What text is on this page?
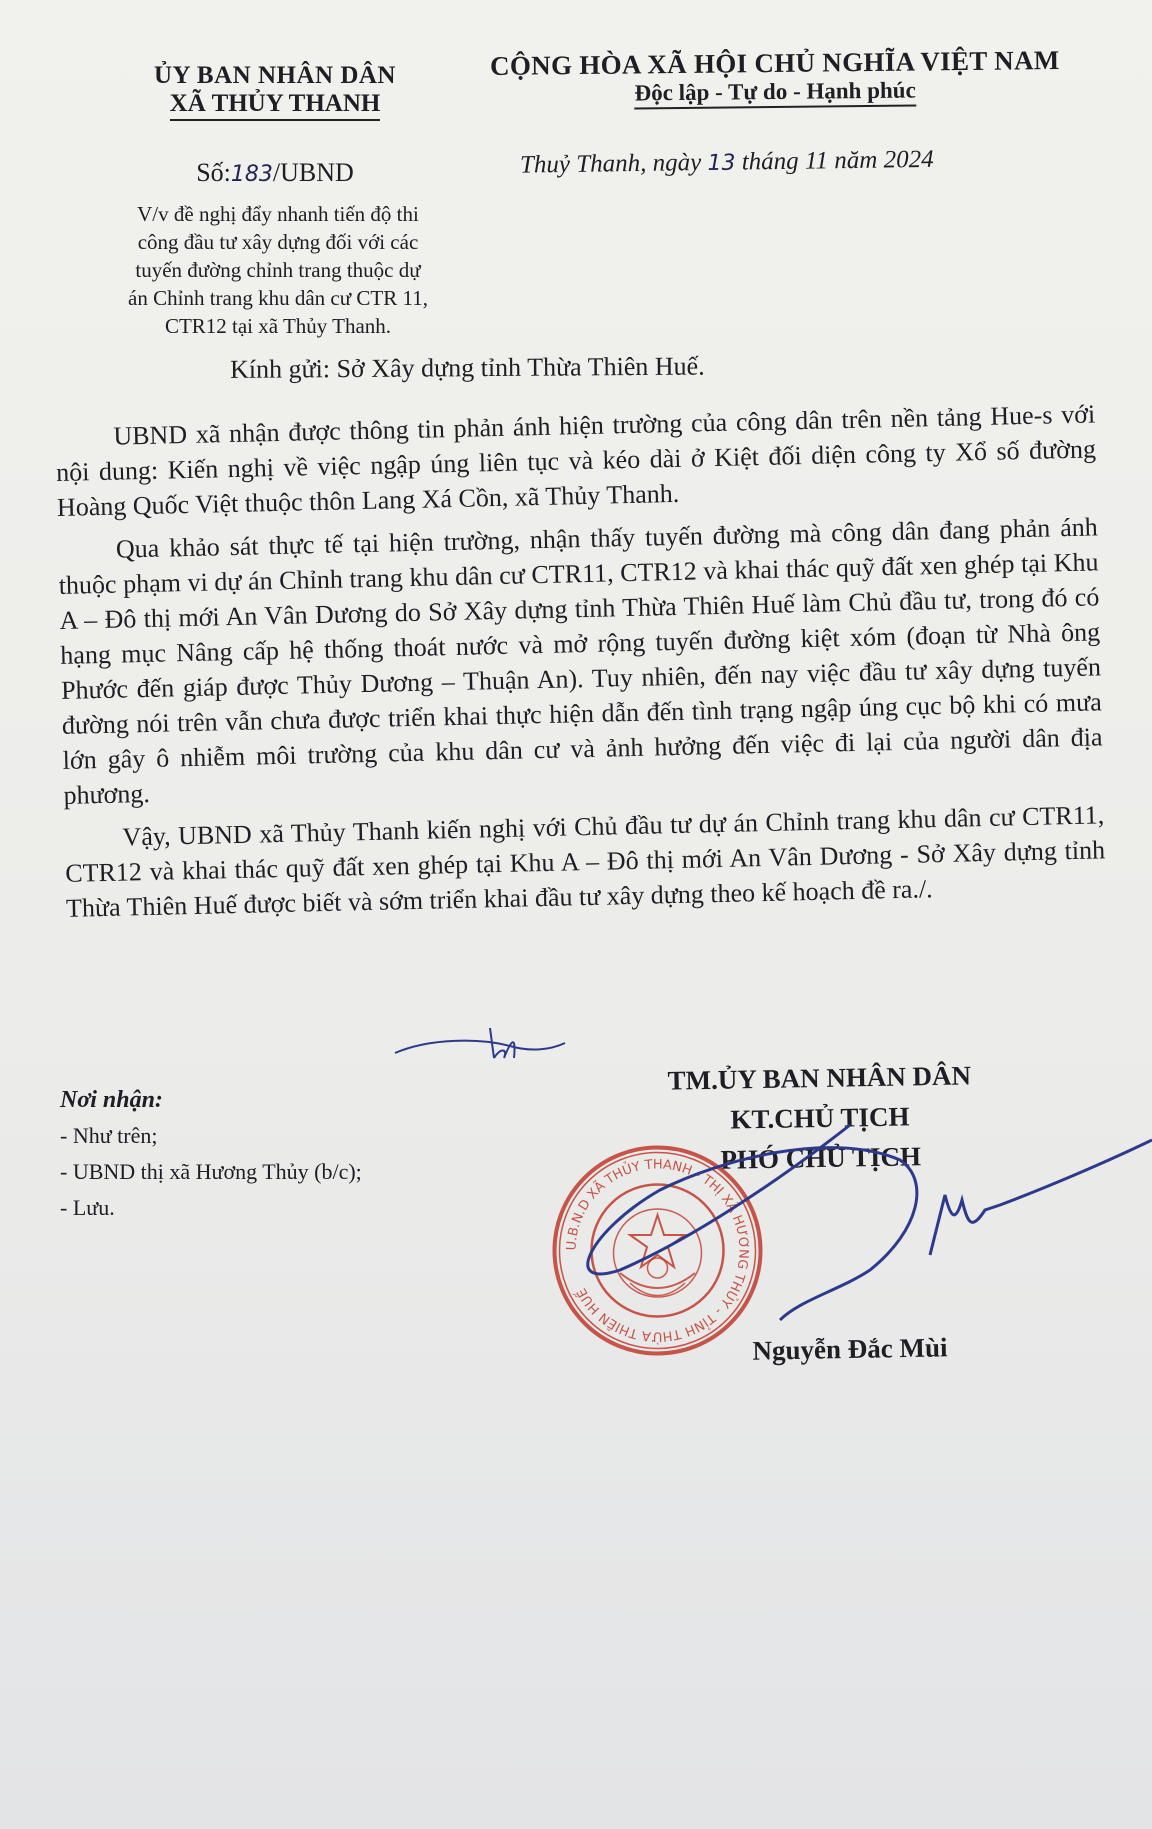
ỦY BAN NHÂN DÂN
XÃ THỦY THANH
CỘNG HÒA XÃ HỘI CHỦ NGHĨA VIỆT NAM
Độc lập - Tự do - Hạnh phúc
Số:183/UBND	Thuỷ Thanh, ngày 13 tháng 11 năm 2024
V/v đề nghị đẩy nhanh tiến độ thi
công đầu tư xây dựng đối với các
tuyến đường chỉnh trang thuộc dự
án Chỉnh trang khu dân cư CTR 11,
CTR12 tại xã Thủy Thanh.
Kính gửi: Sở Xây dựng tỉnh Thừa Thiên Huế.

UBND xã nhận được thông tin phản ánh hiện trường của công dân trên nền tảng Hue-s với nội dung: Kiến nghị về việc ngập úng liên tục và kéo dài ở Kiệt đối diện công ty Xổ số đường Hoàng Quốc Việt thuộc thôn Lang Xá Cồn, xã Thủy Thanh.

Qua khảo sát thực tế tại hiện trường, nhận thấy tuyến đường mà công dân đang phản ánh thuộc phạm vi dự án Chỉnh trang khu dân cư CTR11, CTR12 và khai thác quỹ đất xen ghép tại Khu A – Đô thị mới An Vân Dương do Sở Xây dựng tỉnh Thừa Thiên Huế làm Chủ đầu tư, trong đó có hạng mục Nâng cấp hệ thống thoát nước và mở rộng tuyến đường kiệt xóm (đoạn từ Nhà ông Phước đến giáp được Thủy Dương – Thuận An). Tuy nhiên, đến nay việc đầu tư xây dựng tuyến đường nói trên vẫn chưa được triển khai thực hiện dẫn đến tình trạng ngập úng cục bộ khi có mưa lớn gây ô nhiễm môi trường của khu dân cư và ảnh hưởng đến việc đi lại của người dân địa phương.

Vậy, UBND xã Thủy Thanh kiến nghị với Chủ đầu tư dự án Chỉnh trang khu dân cư CTR11, CTR12 và khai thác quỹ đất xen ghép tại Khu A – Đô thị mới An Vân Dương - Sở Xây dựng tỉnh Thừa Thiên Huế được biết và sớm triển khai đầu tư xây dựng theo kế hoạch đề ra./.

Nơi nhận:
- Như trên;
- UBND thị xã Hương Thủy (b/c);
- Lưu.
TM.ỦY BAN NHÂN DÂN
KT.CHỦ TỊCH
PHÓ CHỦ TỊCH
U.B.N.D XÃ THỦY THANH - THỊ XÃ HƯƠNG THỦY - TỈNH THỪA THIÊN HUẾ
Nguyễn Đắc Mùi
